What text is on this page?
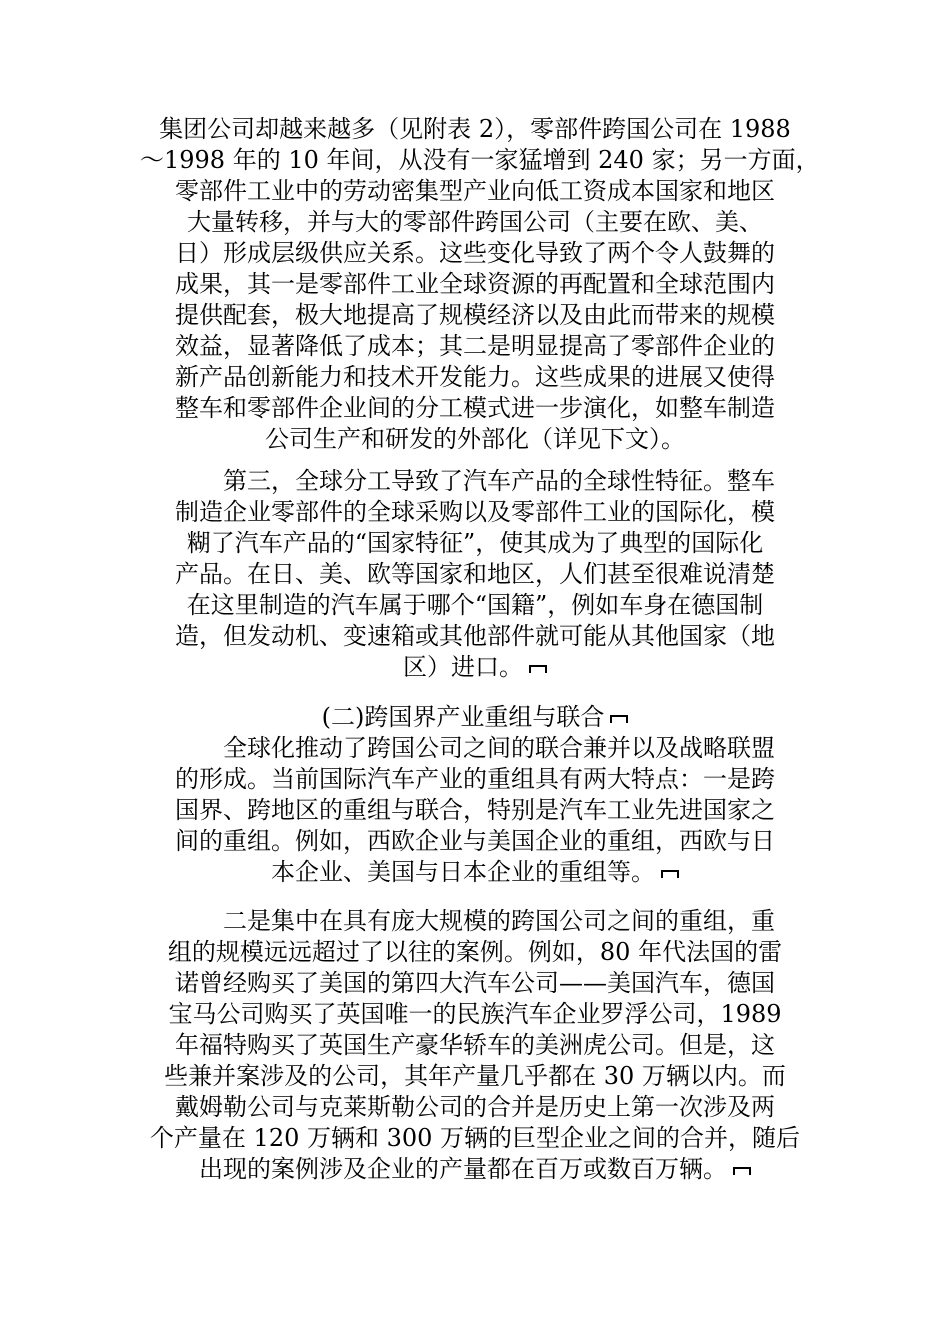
集团公司却越来越多（见附表 2），零部件跨国公司在 1988
～1998 年的 10 年间，从没有一家猛增到 240 家；另一方面，
零部件工业中的劳动密集型产业向低工资成本国家和地区
大量转移，并与大的零部件跨国公司（主要在欧、美、
日）形成层级供应关系。这些变化导致了两个令人鼓舞的
成果，其一是零部件工业全球资源的再配置和全球范围内
提供配套，极大地提高了规模经济以及由此而带来的规模
效益，显著降低了成本；其二是明显提高了零部件企业的
新产品创新能力和技术开发能力。这些成果的进展又使得
整车和零部件企业间的分工模式进一步演化，如整车制造
公司生产和研发的外部化（详见下文）。
　　第三，全球分工导致了汽车产品的全球性特征。整车
制造企业零部件的全球采购以及零部件工业的国际化，模
糊了汽车产品的“国家特征”，使其成为了典型的国际化
产品。在日、美、欧等国家和地区，人们甚至很难说清楚
在这里制造的汽车属于哪个“国籍”，例如车身在德国制
造，但发动机、变速箱或其他部件就可能从其他国家（地
区）进口。
(二)跨国界产业重组与联合
　　全球化推动了跨国公司之间的联合兼并以及战略联盟
的形成。当前国际汽车产业的重组具有两大特点：一是跨
国界、跨地区的重组与联合，特别是汽车工业先进国家之
间的重组。例如，西欧企业与美国企业的重组，西欧与日
本企业、美国与日本企业的重组等。
　　二是集中在具有庞大规模的跨国公司之间的重组，重
组的规模远远超过了以往的案例。例如，80 年代法国的雷
诺曾经购买了美国的第四大汽车公司——美国汽车，德国
宝马公司购买了英国唯一的民族汽车企业罗浮公司，1989
年福特购买了英国生产豪华轿车的美洲虎公司。但是，这
些兼并案涉及的公司，其年产量几乎都在 30 万辆以内。而
戴姆勒公司与克莱斯勒公司的合并是历史上第一次涉及两
个产量在 120 万辆和 300 万辆的巨型企业之间的合并，随后
出现的案例涉及企业的产量都在百万或数百万辆。
